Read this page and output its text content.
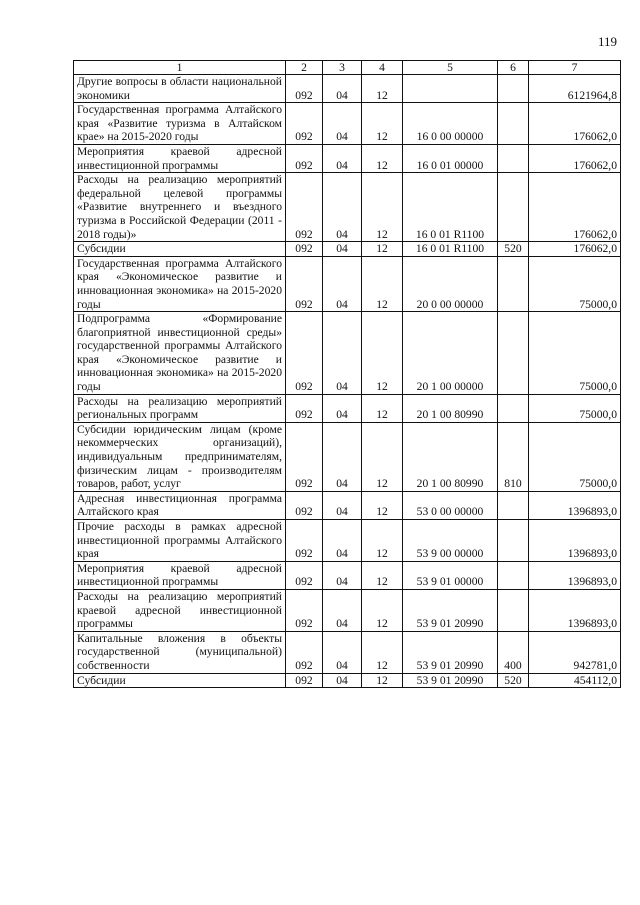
119
1	2	3	4	5	6	7
Другие вопросы в области национальной экономики	092	04	12			6121964,8
Государственная программа Алтайского края «Развитие туризма в Алтайском крае» на 2015-2020 годы	092	04	12	16 0 00 00000		176062,0
Мероприятия краевой адресной инвестиционной программы	092	04	12	16 0 01 00000		176062,0
Расходы на реализацию мероприятий федеральной целевой программы «Развитие внутреннего и въездного туризма в Российской Федерации (2011 - 2018 годы)»	092	04	12	16 0 01 R1100		176062,0
Субсидии	092	04	12	16 0 01 R1100	520	176062,0
Государственная программа Алтайского края «Экономическое развитие и инновационная экономика» на 2015-2020 годы	092	04	12	20 0 00 00000		75000,0
Подпрограмма «Формирование благоприятной инвестиционной среды» государственной программы Алтайского края «Экономическое развитие и инновационная экономика» на 2015-2020 годы	092	04	12	20 1 00 00000		75000,0
Расходы на реализацию мероприятий региональных программ	092	04	12	20 1 00 80990		75000,0
Субсидии юридическим лицам (кроме некоммерческих организаций), индивидуальным предпринимателям, физическим лицам - производителям товаров, работ, услуг	092	04	12	20 1 00 80990	810	75000,0
Адресная инвестиционная программа Алтайского края	092	04	12	53 0 00 00000		1396893,0
Прочие расходы в рамках адресной инвестиционной программы Алтайского края	092	04	12	53 9 00 00000		1396893,0
Мероприятия краевой адресной инвестиционной программы	092	04	12	53 9 01 00000		1396893,0
Расходы на реализацию мероприятий краевой адресной инвестиционной программы	092	04	12	53 9 01 20990		1396893,0
Капитальные вложения в объекты государственной (муниципальной) собственности	092	04	12	53 9 01 20990	400	942781,0
Субсидии	092	04	12	53 9 01 20990	520	454112,0
